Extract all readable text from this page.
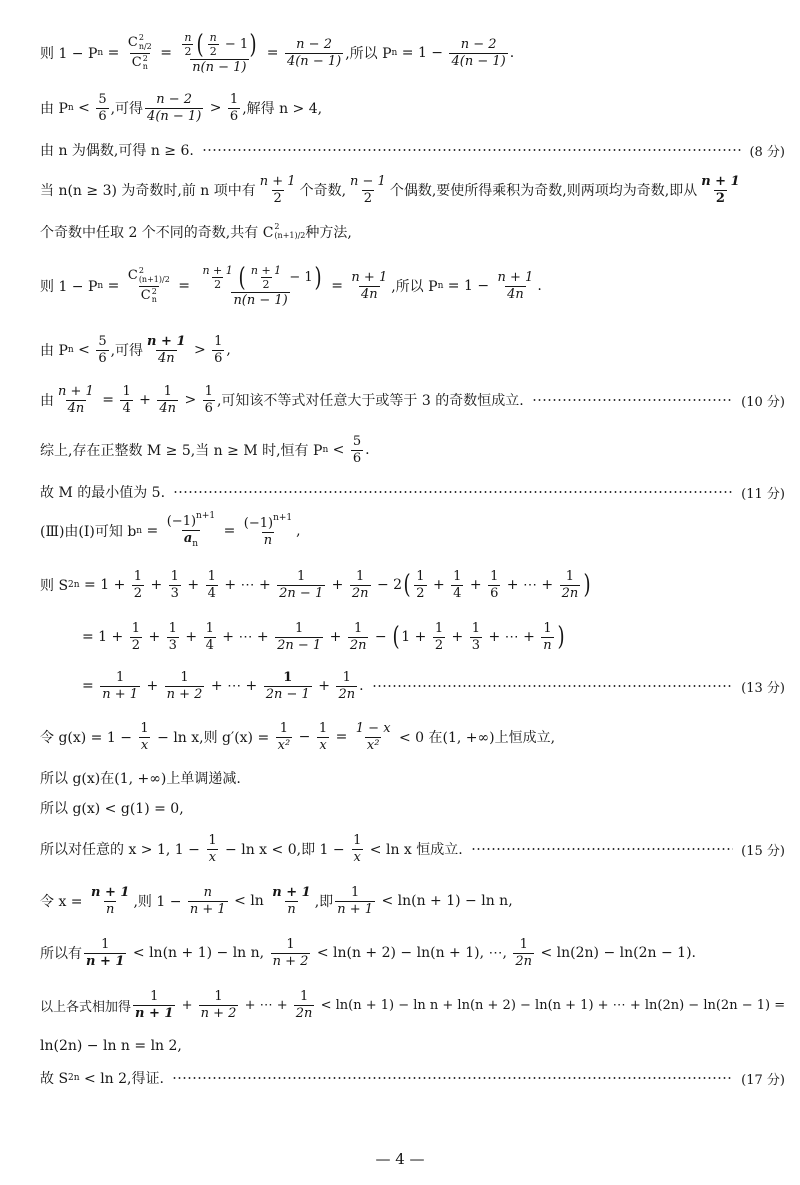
则 1 − P n = C 2
n/2
C 2
$n = \frac{\frac{n}{2} ( \frac{n}{2} - 1 )}{n(n - 1)} = \frac{n - 2}{4(n - 1)}$ ,所以 P $n = 1 - \frac{n - 2}{4(n - 1)}$ .
由 P $n < \frac{5}{6}$ ,可得 $\frac{n - 2}{4(n - 1)} > \frac{1}{6}$ ,解得 n > 4,
由 n 为偶数,可得 n ≥ 6.	(8 分)
当 n(n ≥ 3) 为奇数时,前 n 项中有 $\frac{n + 1}{2}$ 个奇数, $\frac{n - 1}{2}$ 个偶数,要使所得乘积为奇数,则两项均为奇数,即从 $\frac{n + 1}{2}$
个奇数中任取 2 个不同的奇数,共有 C 2
(n+1)/2 种方法,
则 1 − P n = C 2
(n+1)/2
C 2
$n = \frac{\frac{n + 1}{2} ( \frac{n + 1}{2} - 1 )}{n(n - 1)} = \frac{n + 1}{4n}$ ,所以 P $n = 1 - \frac{n + 1}{4n}$ .
由 P $n < \frac{5}{6}$ ,可得 $\frac{n + 1}{4n} > \frac{1}{6}$ ,
由 $\frac{n + 1}{4n} = \frac{1}{4} + \frac{1}{4n} > \frac{1}{6}$ ,可知该不等式对任意大于或等于 3 的奇数恒成立.	(10 分)
综上,存在正整数 M ≥ 5,当 n ≥ M 时,恒有 P $n < \frac{5}{6}$ .
故 M 的最小值为 5.	(11 分)
(Ⅲ)由(Ⅰ)可知 b $n = \frac{(-1)^{n+1}}{a_n} = \frac{(-1)^{n+1}}{n}$ ,
则 S $2n = 1 + \frac{1}{2} + \frac{1}{3} + \frac{1}{4}$ + ⋯ + $\frac{1}{2n - 1} + \frac{1}{2n} - 2$ ( $\frac{1}{2} + \frac{1}{4} + \frac{1}{6}$ + ⋯ + $\frac{1}{2n}$ )
= $1 + \frac{1}{2} + \frac{1}{3} + \frac{1}{4}$ + ⋯ + $\frac{1}{2n - 1} + \frac{1}{2n}$ − ( $1 + \frac{1}{2} + \frac{1}{3}$ + ⋯ + $\frac{1}{n}$ )
= $\frac{1}{n + 1} + \frac{1}{n + 2}$ + ⋯ + $\frac{1}{2n - 1} + \frac{1}{2n}$ .	(13 分)
令 $g(x) = 1 - \frac{1}{x} - \ln x$,则 $g'(x) = \frac{1}{\text{x²}} - \frac{1}{x} = \frac{1 - x}{\text{x²}} < 0$ 在(1, +∞)上恒成立,
所以 g(x)在(1, +∞)上单调递减.
所以 g(x) < g(1) = 0,
所以对任意的 x > 1, $1 - \frac{1}{x} - \ln x < 0$,即 $1 - \frac{1}{x} < \ln x$ 恒成立.	(15 分)
令 $x = \frac{n + 1}{n}$ ,则 $1 - \frac{n}{n + 1} < \ln \frac{n + 1}{n}$ ,即 $\frac{1}{n + 1} < \ln(n + 1) - \ln n$,
所以有 $\frac{1}{n + 1} < \ln(n + 1) - \ln n$, $\frac{1}{n + 2} < \ln(n + 2) - \ln(n + 1)$, ⋯, $\frac{1}{2n} < \ln(2n) - \ln(2n - 1)$.
以上各式相加得 $\frac{1}{n + 1} + \frac{1}{n + 2}$ + ⋯ + $\frac{1}{2n} < \ln(n + 1) - \ln n + \ln(n + 2) - \ln(n + 1)$ + ⋯ + ln(2n) − ln(2n − 1) =
ln(2n) − ln n = ln 2,
故 S 2n < ln 2,得证.	(17 分)
— 4 —
